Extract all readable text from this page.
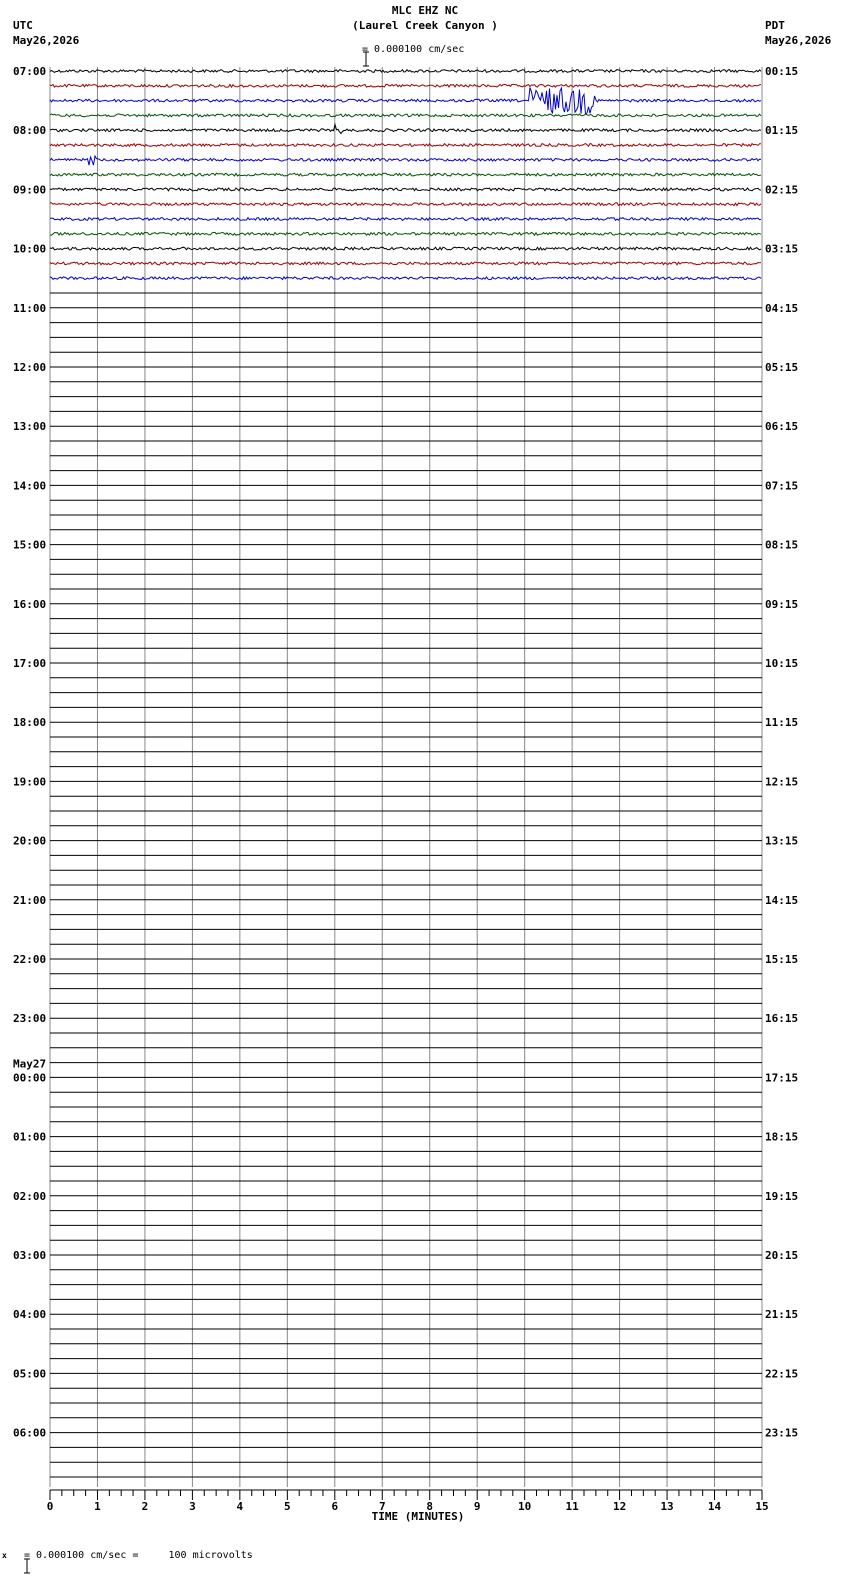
MLC EHZ NC
(Laurel Creek Canyon )

= 0.000100 cm/sec
UTC
May26,2026
PDT
May26,2026
0	1	2	3	4	5	6	7	8	9	10	11	12	13	14	15
TIME (MINUTES)
07:00
08:00
09:00
10:00
11:00
12:00
13:00
14:00
15:00
16:00
17:00
18:00
19:00
20:00
21:00
22:00
23:00
00:00
01:00
02:00
03:00
04:00
05:00
06:00
00:15
01:15
02:15
03:15
04:15
05:15
06:15
07:15
08:15
09:15
10:15
11:15
12:15
13:15
14:15
15:15
16:15
17:15
18:15
19:15
20:15
21:15
22:15
23:15
May27
x

= 0.000100 cm/sec =     100 microvolts
